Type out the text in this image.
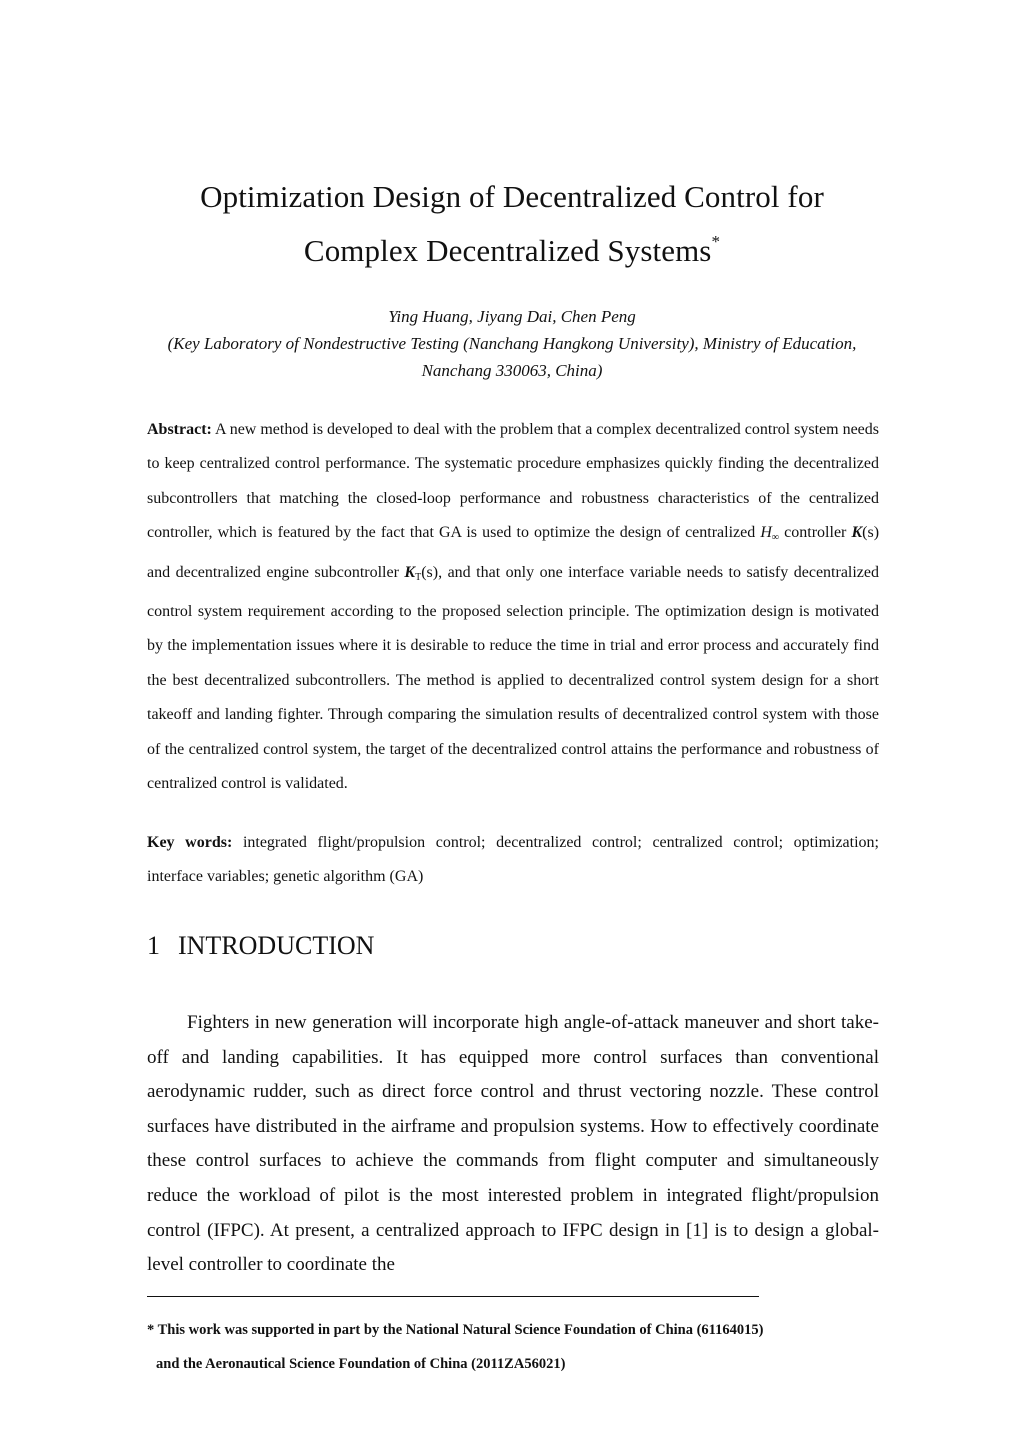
Optimization Design of Decentralized Control for
Complex Decentralized Systems*
Ying Huang, Jiyang Dai, Chen Peng
(Key Laboratory of Nondestructive Testing (Nanchang Hangkong University), Ministry of Education,
Nanchang 330063, China)

Abstract: A new method is developed to deal with the problem that a complex decentralized control system needs to keep centralized control performance. The systematic procedure emphasizes quickly finding the decentralized subcontrollers that matching the closed-loop performance and robustness characteristics of the centralized controller, which is featured by the fact that GA is used to optimize the design of centralized $H_\infty$ controller K(s) and decentralized engine subcontroller $K_T(s)$, and that only one interface variable needs to satisfy decentralized control system requirement according to the proposed selection principle. The optimization design is motivated by the implementation issues where it is desirable to reduce the time in trial and error process and accurately find the best decentralized subcontrollers. The method is applied to decentralized control system design for a short takeoff and landing fighter. Through comparing the simulation results of decentralized control system with those of the centralized control system, the target of the decentralized control attains the performance and robustness of centralized control is validated.

Key words: integrated flight/propulsion control; decentralized control; centralized control; optimization; interface variables; genetic algorithm (GA)

1 INTRODUCTION

Fighters in new generation will incorporate high angle-of-attack maneuver and short take-off and landing capabilities. It has equipped more control surfaces than conventional aerodynamic rudder, such as direct force control and thrust vectoring nozzle. These control surfaces have distributed in the airframe and propulsion systems. How to effectively coordinate these control surfaces to achieve the commands from flight computer and simultaneously reduce the workload of pilot is the most interested problem in integrated flight/propulsion control (IFPC). At present, a centralized approach to IFPC design in [1] is to design a global-level controller to coordinate the

* This work was supported in part by the National Natural Science Foundation of China (61164015)
and the Aeronautical Science Foundation of China (2011ZA56021)
